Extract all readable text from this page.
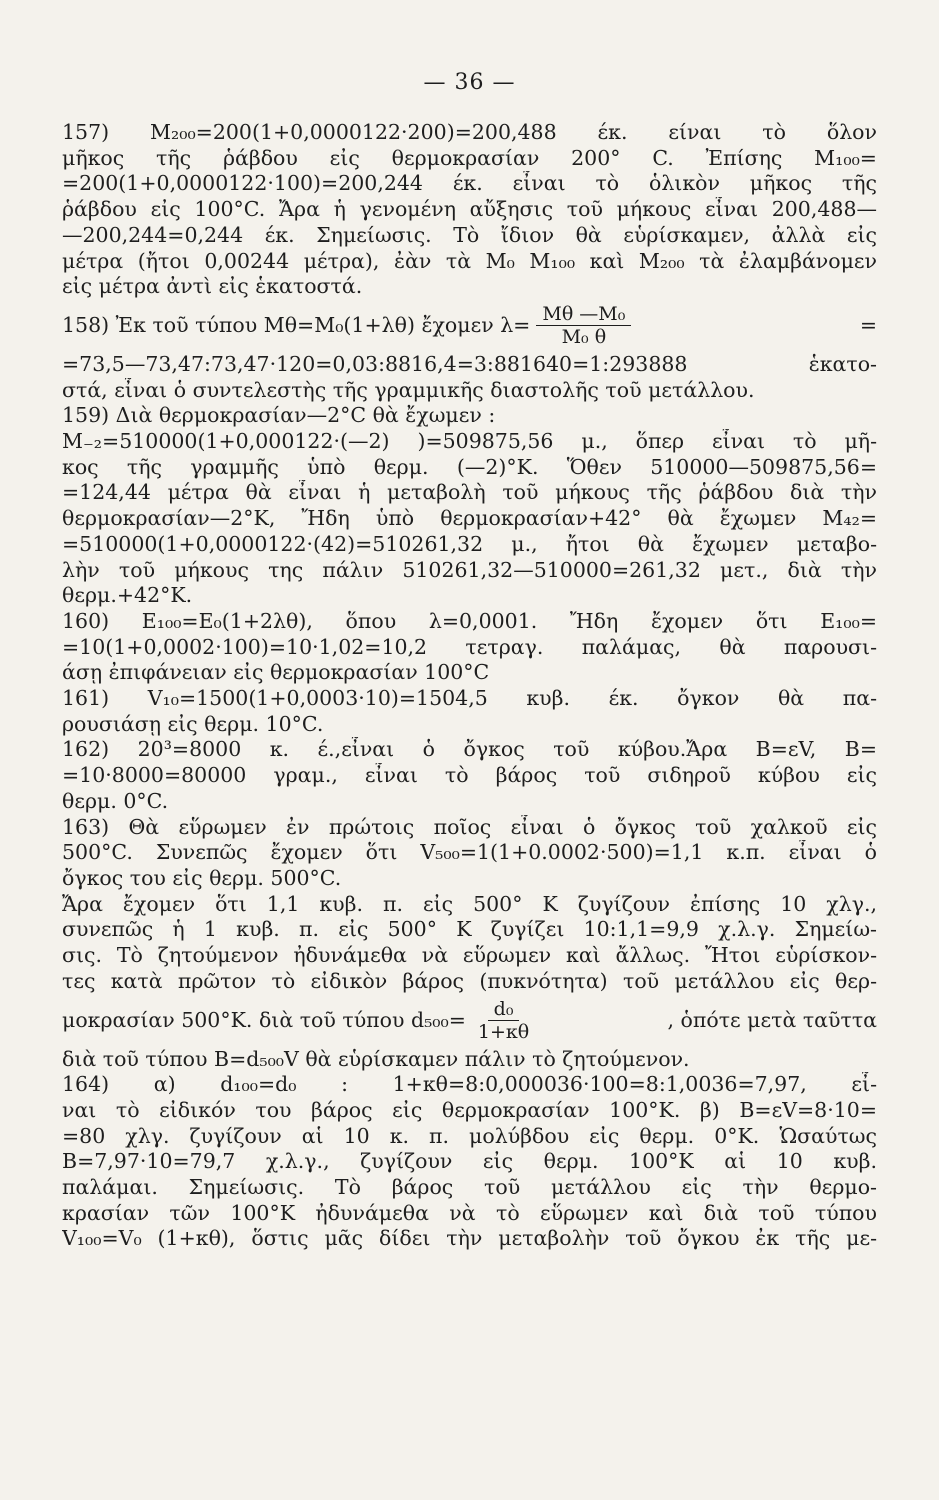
— 36 —
157) M₂₀₀=200(1+0,0000122·200)=200,488 έκ. είναι τὸ ὅλον
μῆκος τῆς ῥάβδου εἰς θερμοκρασίαν 200° C. Ἐπίσης M₁₀₀=
=200(1+0,0000122·100)=200,244 έκ. εἶναι τὸ ὁλικὸν μῆκος τῆς
ῥάβδου εἰς 100°C. Ἄρα ἡ γενομένη αὔξησις τοῦ μήκους εἶναι 200,488—
—200,244=0,244 έκ. Σημείωσις. Τὸ ἴδιον θὰ εὑρίσκαμεν, ἀλλὰ εἰς
μέτρα (ἤτοι 0,00244 μέτρα), ἐὰν τὰ M₀ M₁₀₀ καὶ M₂₀₀ τὰ ἐλαμβάνομεν
εἰς μέτρα ἀντὶ εἰς ἑκατοστά.
158) Ἐκ τοῦ τύπου Mθ=M₀(1+λθ) ἔχομεν $\lambda= \frac{\text{Mθ —M₀}}{\text{M₀ θ}}$	=
=73,5—73,47:73,47·120=0,03:8816,4=3:881640=1:293888 ἑκατο-
στά, εἶναι ὁ συντελεστὴς τῆς γραμμικῆς διαστολῆς τοῦ μετάλλου.
159) Διὰ θερμοκρασίαν—2°C θὰ ἔχωμεν :
M₋₂=510000(1+0,000122·(—2) )=509875,56 μ., ὅπερ εἶναι τὸ μῆ-
κος τῆς γραμμῆς ὑπὸ θερμ. (—2)°K. Ὅθεν 510000—509875,56=
=124,44 μέτρα θὰ εἶναι ἡ μεταβολὴ τοῦ μήκους τῆς ῥάβδου διὰ τὴν
θερμοκρασίαν—2°K, Ἤδη ὑπὸ θερμοκρασίαν+42° θὰ ἔχωμεν M₄₂=
=510000(1+0,0000122·(42)=510261,32 μ., ἤτοι θὰ ἔχωμεν μεταβο-
λὴν τοῦ μήκους της πάλιν 510261,32—510000=261,32 μετ., διὰ τὴν
θερμ.+42°K.
160) E₁₀₀=E₀(1+2λθ), ὅπου λ=0,0001. Ἤδη ἔχομεν ὅτι E₁₀₀=
=10(1+0,0002·100)=10·1,02=10,2 τετραγ. παλάμας, θὰ παρουσι-
άσῃ ἐπιφάνειαν εἰς θερμοκρασίαν 100°C
161) V₁₀=1500(1+0,0003·10)=1504,5 κυβ. έκ. ὄγκον θὰ πα-
ρουσιάσῃ εἰς θερμ. 10°C.
162) 20³=8000 κ. έ.,εἶναι ὁ ὄγκος τοῦ κύβου.Ἄρα B=εV, B=
=10·8000=80000 γραμ., εἶναι τὸ βάρος τοῦ σιδηροῦ κύβου εἰς
θερμ. 0°C.
163) Θὰ εὕρωμεν ἐν πρώτοις ποῖος εἶναι ὁ ὄγκος τοῦ χαλκοῦ εἰς
500°C. Συνεπῶς ἔχομεν ὅτι V₅₀₀=1(1+0.0002·500)=1,1 κ.π. εἶναι ὁ
ὄγκος του εἰς θερμ. 500°C.
Ἄρα ἔχομεν ὅτι 1,1 κυβ. π. εἰς 500° K ζυγίζουν ἐπίσης 10 χλγ.,
συνεπῶς ἡ 1 κυβ. π. εἰς 500° K ζυγίζει 10:1,1=9,9 χ.λ.γ. Σημείω-
σις. Τὸ ζητούμενον ἠδυνάμεθα νὰ εὕρωμεν καὶ ἄλλως. Ἤτοι εὑρίσκον-
τες κατὰ πρῶτον τὸ εἰδικὸν βάρος (πυκνότητα) τοῦ μετάλλου εἰς θερ-
μοκρασίαν 500°K. διὰ τοῦ τύπου $d_{500}= \frac{\text{d₀}}{1+\kappa\theta}$	, ὁπότε μετὰ ταῦττα
διὰ τοῦ τύπου B=d₅₀₀V θὰ εὑρίσκαμεν πάλιν τὸ ζητούμενον.
164) α) d₁₀₀=d₀ : 1+κθ=8:0,000036·100=8:1,0036=7,97, εἶ-
ναι τὸ εἰδικόν του βάρος εἰς θερμοκρασίαν 100°K. β) B=εV=8·10=
=80 χλγ. ζυγίζουν αἱ 10 κ. π. μολύβδου εἰς θερμ. 0°K. Ὡσαύτως
B=7,97·10=79,7 χ.λ.γ., ζυγίζουν εἰς θερμ. 100°K αἱ 10 κυβ.
παλάμαι. Σημείωσις. Τὸ βάρος τοῦ μετάλλου εἰς τὴν θερμο-
κρασίαν τῶν 100°K ἠδυνάμεθα νὰ τὸ εὕρωμεν καὶ διὰ τοῦ τύπου
V₁₀₀=V₀ (1+κθ), ὅστις μᾶς δίδει τὴν μεταβολὴν τοῦ ὄγκου ἐκ τῆς με-
